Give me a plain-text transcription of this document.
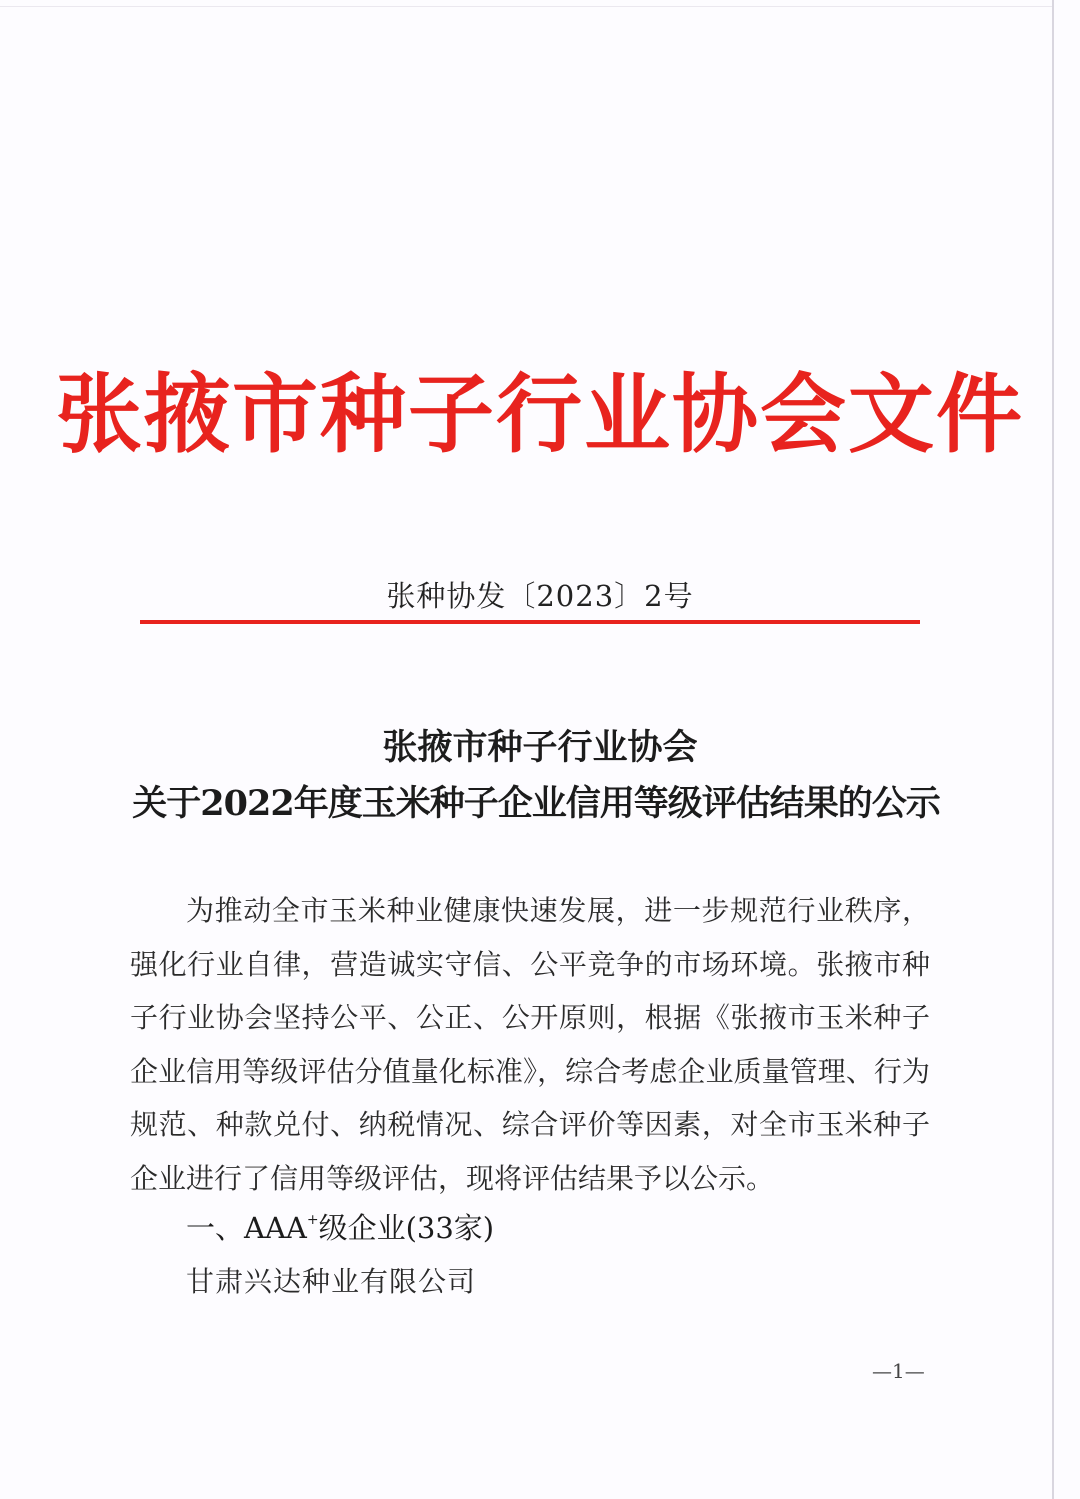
张掖市种子行业协会文件
张种协发〔2023〕2号
张掖市种子行业协会
关于2022年度玉米种子企业信用等级评估结果的公示

为推动全市玉米种业健康快速发展，进一步规范行业秩序，强化行业自律，营造诚实守信、公平竞争的市场环境。张掖市种子行业协会坚持公平、公正、公开原则，根据《张掖市玉米种子企业信用等级评估分值量化标准》，综合考虑企业质量管理、行为规范、种款兑付、纳税情况、综合评价等因素，对全市玉米种子企业进行了信用等级评估，现将评估结果予以公示。

一、AAA+级企业(33家)
甘肃兴达种业有限公司
—1—
